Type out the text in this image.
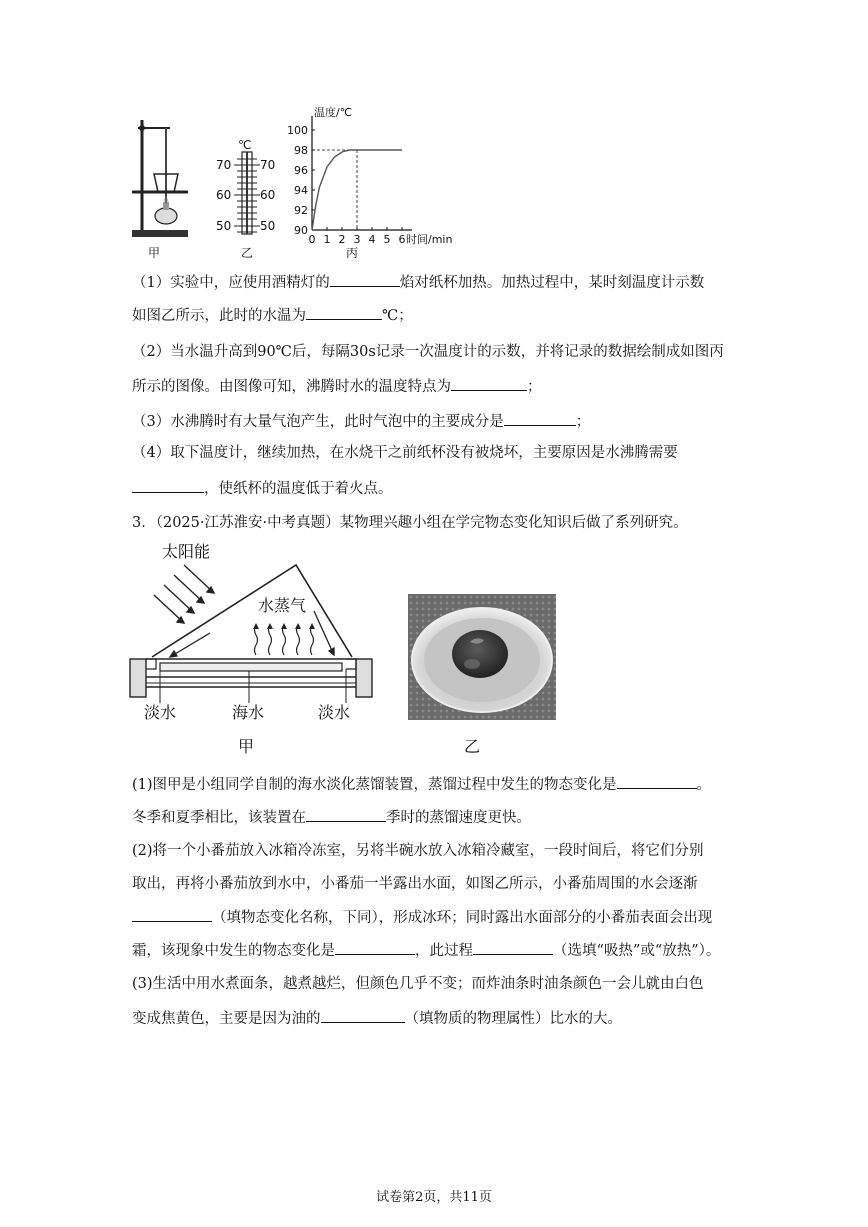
甲
℃
70
60
50
70
60
50
乙
90
92
94
96
98
100
0 1 2 3 4 5 6
温度/℃
时间/min
丙
（1）实验中，应使用酒精灯的	焰对纸杯加热。加热过程中，某时刻温度计示数
如图乙所示，此时的水温为	℃；
（2）当水温升高到90℃后，每隔30s记录一次温度计的示数，并将记录的数据绘制成如图丙
所示的图像。由图像可知，沸腾时水的温度特点为	；
（3）水沸腾时有大量气泡产生，此时气泡中的主要成分是	；
（4）取下温度计，继续加热，在水烧干之前纸杯没有被烧坏，主要原因是水沸腾需要
，使纸杯的温度低于着火点。
3．（2025·江苏淮安·中考真题）某物理兴趣小组在学完物态变化知识后做了系列研究。
太阳能
水蒸气
淡水	海水	淡水
甲	乙
(1)图甲是小组同学自制的海水淡化蒸馏装置，蒸馏过程中发生的物态变化是	。
冬季和夏季相比，该装置在	季时的蒸馏速度更快。
(2)将一个小番茄放入冰箱冷冻室，另将半碗水放入冰箱冷藏室，一段时间后，将它们分别
取出，再将小番茄放到水中，小番茄一半露出水面，如图乙所示，小番茄周围的水会逐渐
（填物态变化名称，下同），形成冰环；同时露出水面部分的小番茄表面会出现
霜，该现象中发生的物态变化是	，此过程	（选填“吸热”或“放热”）。
(3)生活中用水煮面条，越煮越烂，但颜色几乎不变；而炸油条时油条颜色一会儿就由白色
变成焦黄色，主要是因为油的	（填物质的物理属性）比水的大。
试卷第2页，共11页
